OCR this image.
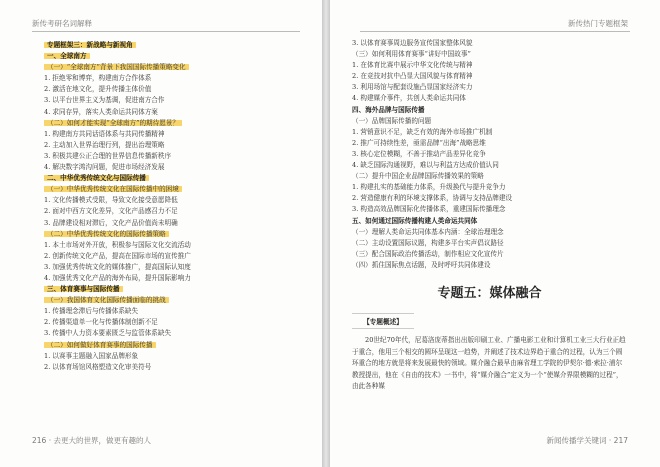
新传考研名词解释
专题框架三：新战略与新视角
一、全球南方
（一）“全球南方”背景下我国国际传播策略变化
1. 拒绝零和博弈，构建南方合作体系
2. 激活在地文化，提升传播主体价值
3. 以平台世界主义为基调，促进南方合作
4. 求同存异，落实人类命运共同体方案
（二）如何才能实现“全球南方”的期待愿景？
1. 构建南方共同话语体系与共同传播精神
2. 主动加入世界治理行列，提出治理策略
3. 积极共建公正合理的世界信息传播新秩序
4. 解决数字鸿沟问题，促进市场经济发展
二、中华优秀传统文化与国际传播
（一）中华优秀传统文化在国际传播中的困境
1. 文化传播模式受限，导致文化接受意愿降低
2. 面对中西方文化差异，文化产品感召力不足
3. 品牌建设相对滞后，文化产品价值尚未明确
（二）中华优秀传统文化的国际传播策略
1. 本土市场对外开放，积极参与国际文化交流活动
2. 创新传统文化产品，提高在国际市场的宣传推广
3. 加强优秀传统文化的媒体推广，提高国际认知度
4. 加强优秀文化产品的海外布局，提升国际影响力
三、体育赛事与国际传播
（一）我国体育文化国际传播面临的挑战
1. 传播理念滞后与传播体系缺失
2. 传播渠道单一化与传播体制创新不足
3. 传播中人力资本要素匮乏与监管体系缺失
（二）如何做好体育赛事的国际传播
1. 以赛事主题融入国家品牌形象
2. 以体育场馆风格塑造文化审美符号
216 · 去更大的世界，做更有趣的人
新传热门专题框架
3. 以体育赛事周边服务宣传国家整体风貌
（三）如何利用体育赛事“讲好中国故事”
1. 在体育比赛中展示中华文化传统与精神
2. 在竞技对抗中凸显大国风貌与体育精神
3. 利用场馆与配套设施凸显国家经济实力
4. 构建媒介事件，共创人类命运共同体
四、海外品牌与国际传播
（一）品牌国际传播的问题
1. 营销意识不足，缺乏有效的海外市场推广机制
2. 推广可持续性差，亟需品牌“出海”战略思维
3. 核心定位模糊，不善于推动产品差异化竞争
4. 缺乏国际沟通视野，难以与利益方达成价值认同
（二）提升中国企业品牌国际传播效果的策略
1. 构建扎实的基础能力体系，升级换代与提升竞争力
2. 营造健康有利的环境支撑体系，协调与支持品牌建设
3. 构造高效品牌国际化传播体系，重建国际传播理念
五、如何通过国际传播构建人类命运共同体
（一）理解人类命运共同体基本内涵：全球治理理念
（二）主动设置国际议题，构建多平台实声倡议路径
（三）配合国际政治传播活动，制作相应文化宣传片
（四）抓住国际焦点话题，及时呼吁共同体建设
专题五：媒体融合
【专题概述】
20世纪70年代，尼葛洛庞蒂指出出版印刷工业、广播电影工业和计算机工业三大行业正趋于重合，他用三个相交的圆环呈现这一趋势，并阐述了技术边界趋于重合的过程，认为三个圆环重合的地方就是将来发展最快的领域。媒介融合最早由麻省理工学院的伊契尔·德·索拉·浦尔教授提出，他在《自由的技术》一书中，将“媒介融合”定义为一个“使媒介界限模糊的过程”，由此各种媒
新闻传播学关键词 · 217
